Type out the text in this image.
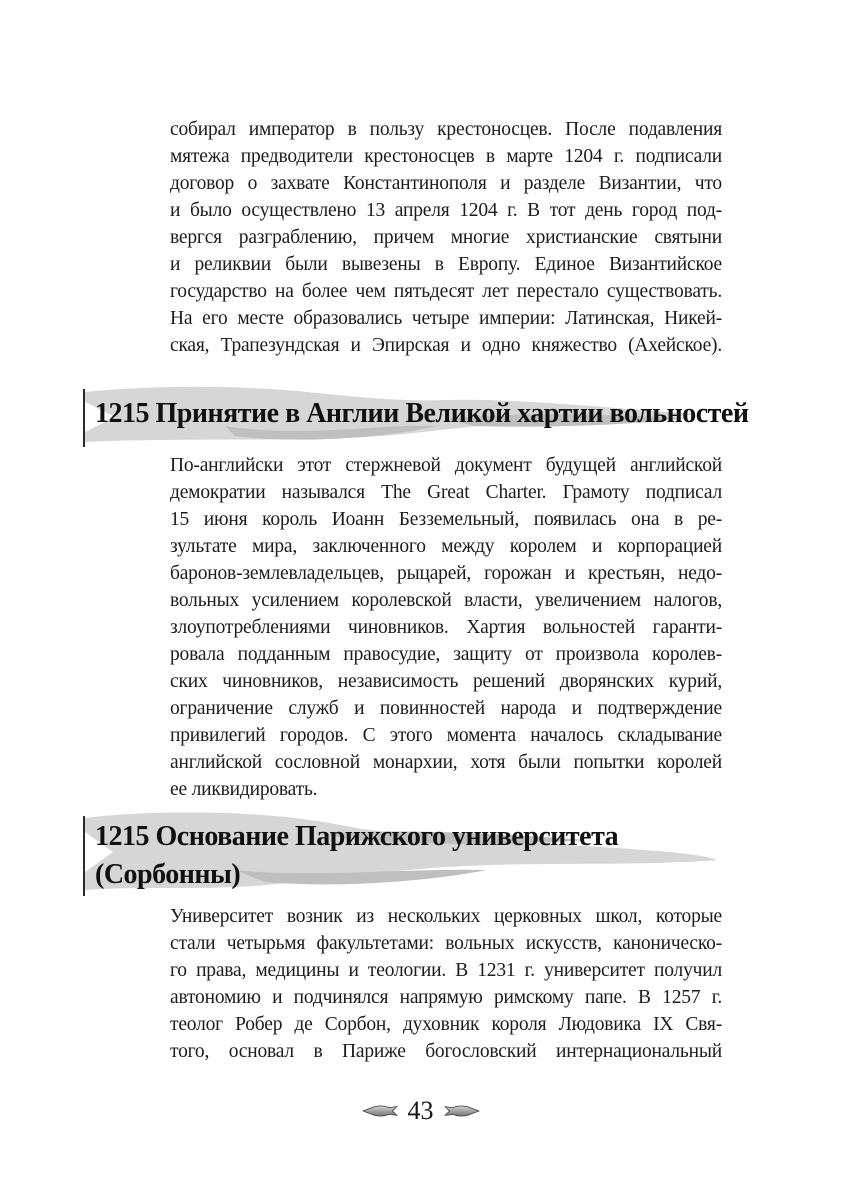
собирал император в пользу крестоносцев. После подавления
мятежа предводители крестоносцев в марте 1204 г. подписали
договор о захвате Константинополя и разделе Византии, что
и было осуществлено 13 апреля 1204 г. В тот день город под-
вергся разграблению, причем многие христианские святыни
и реликвии были вывезены в Европу. Единое Византийское
государство на более чем пятьдесят лет перестало существовать.
На его месте образовались четыре империи: Латинская, Никей-
ская, Трапезундская и Эпирская и одно княжество (Ахейское).
1215 Принятие в Англии Великой хартии вольностей
По-английски этот стержневой документ будущей английской
демократии назывался The Great Charter. Грамоту подписал
15 июня король Иоанн Безземельный, появилась она в ре-
зультате мира, заключенного между королем и корпорацией
баронов-землевладельцев, рыцарей, горожан и крестьян, недо-
вольных усилением королевской власти, увеличением налогов,
злоупотреблениями чиновников. Хартия вольностей гаранти-
ровала подданным правосудие, защиту от произвола королев-
ских чиновников, независимость решений дворянских курий,
ограничение служб и повинностей народа и подтверждение
привилегий городов. С этого момента началось складывание
английской сословной монархии, хотя были попытки королей
ее ликвидировать.
1215 Основание Парижского университета
(Сорбонны)
Университет возник из нескольких церковных школ, которые
стали четырьмя факультетами: вольных искусств, каноническо-
го права, медицины и теологии. В 1231 г. университет получил
автономию и подчинялся напрямую римскому папе. В 1257 г.
теолог Робер де Сорбон, духовник короля Людовика IX Свя-
того, основал в Париже богословский интернациональный
43
